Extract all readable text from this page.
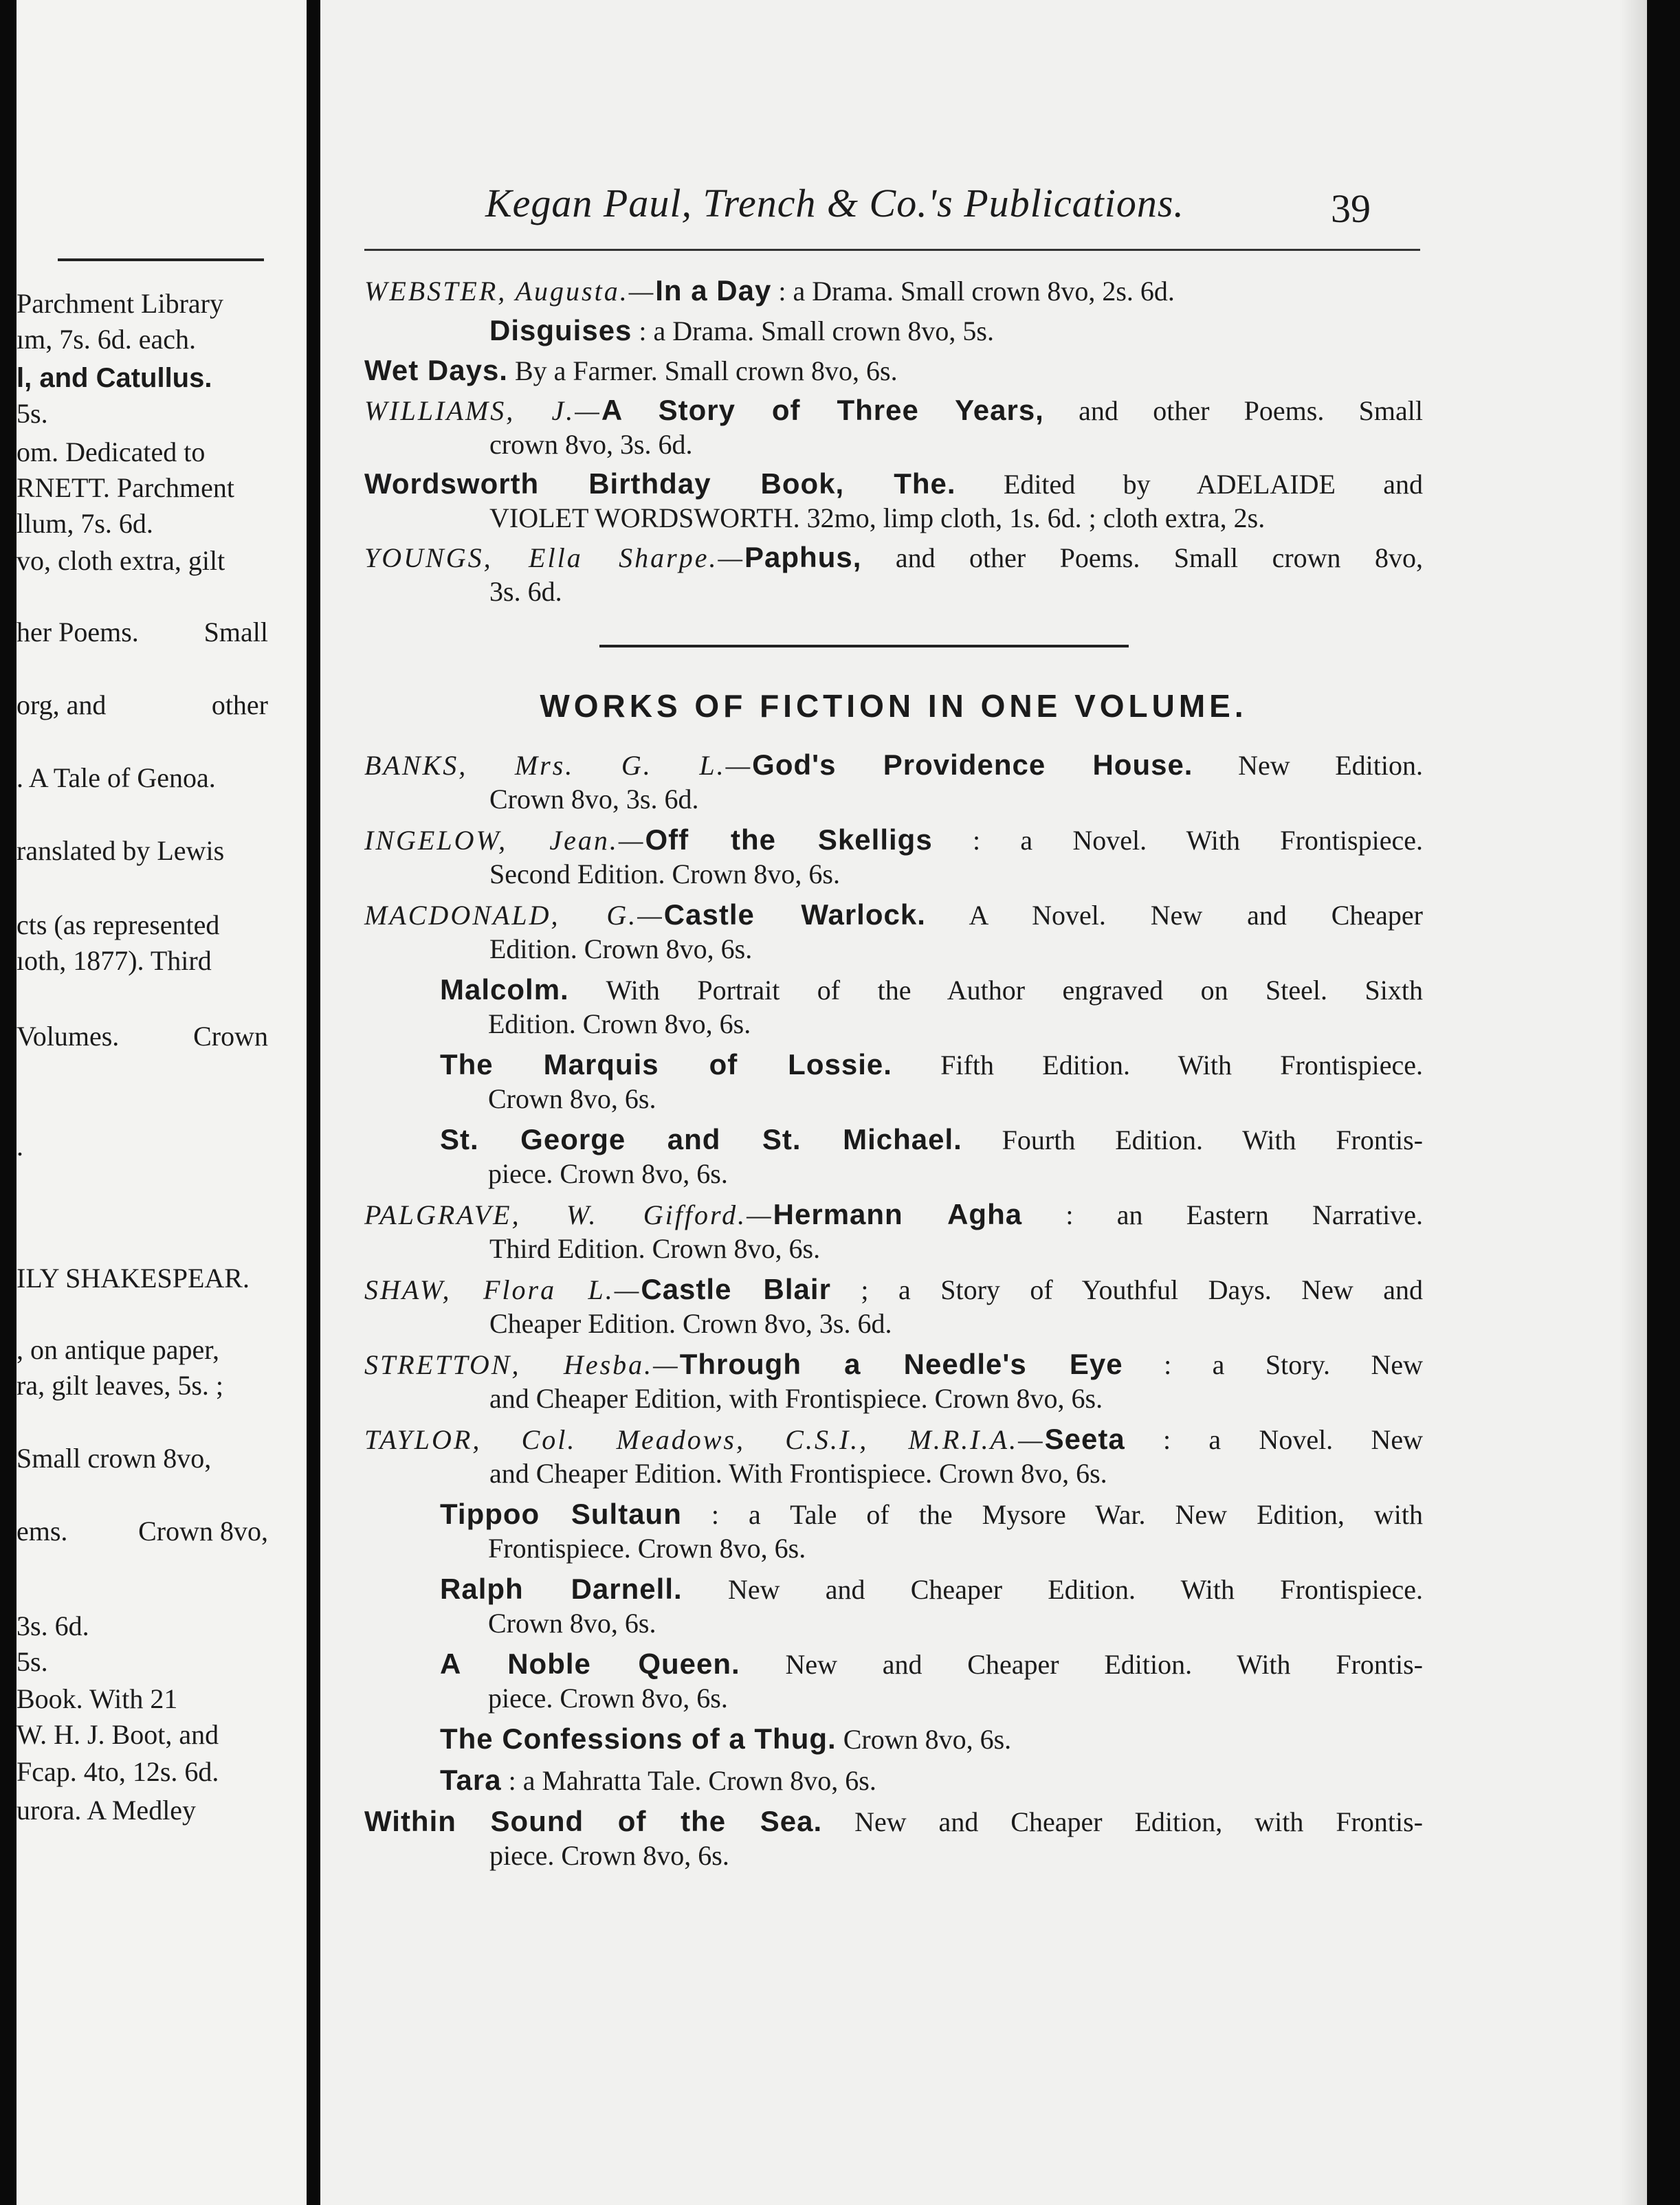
Parchment Library
ım, 7s. 6d. each.
l, and Catullus.
5s.
om. Dedicated to
RNETT. Parchment
llum, 7s. 6d.
vo, cloth extra, gilt
her Poems. Small
org, and	other
. A Tale of Genoa.
ranslated by Lewis
cts (as represented
ıoth, 1877). Third
Volumes.	Crown
.
ILY SHAKESPEAR.
, on antique paper,
ra, gilt leaves, 5s. ;
Small crown 8vo,
ems.	Crown 8vo,
3s. 6d.
5s.
Book. With 21
W. H. J. Boot, and
Fcap. 4to, 12s. 6d.
urora. A Medley
Kegan Paul, Trench & Co.'s Publications.	39
WEBSTER, Augusta.—In a Day : a Drama. Small crown 8vo, 2s. 6d.
Disguises : a Drama. Small crown 8vo, 5s.
Wet Days. By a Farmer. Small crown 8vo, 6s.
WILLIAMS, J.—A Story of Three Years, and other Poems. Small
crown 8vo, 3s. 6d.
Wordsworth Birthday Book, The. Edited by ADELAIDE and
VIOLET WORDSWORTH. 32mo, limp cloth, 1s. 6d. ; cloth extra, 2s.
YOUNGS, Ella Sharpe.—Paphus, and other Poems. Small crown 8vo,
3s. 6d.
WORKS OF FICTION IN ONE VOLUME.
BANKS, Mrs. G. L.—God's Providence House. New Edition.
Crown 8vo, 3s. 6d.
INGELOW, Jean.—Off the Skelligs : a Novel. With Frontispiece.
Second Edition. Crown 8vo, 6s.
MACDONALD, G.—Castle Warlock. A Novel. New and Cheaper
Edition. Crown 8vo, 6s.
Malcolm. With Portrait of the Author engraved on Steel. Sixth
Edition. Crown 8vo, 6s.
The Marquis of Lossie. Fifth Edition. With Frontispiece.
Crown 8vo, 6s.
St. George and St. Michael. Fourth Edition. With Frontis-
piece. Crown 8vo, 6s.
PALGRAVE, W. Gifford.—Hermann Agha : an Eastern Narrative.
Third Edition. Crown 8vo, 6s.
SHAW, Flora L.—Castle Blair ; a Story of Youthful Days. New and
Cheaper Edition. Crown 8vo, 3s. 6d.
STRETTON, Hesba.—Through a Needle's Eye : a Story. New
and Cheaper Edition, with Frontispiece. Crown 8vo, 6s.
TAYLOR, Col. Meadows, C.S.I., M.R.I.A.—Seeta : a Novel. New
and Cheaper Edition. With Frontispiece. Crown 8vo, 6s.
Tippoo Sultaun : a Tale of the Mysore War. New Edition, with
Frontispiece. Crown 8vo, 6s.
Ralph Darnell. New and Cheaper Edition. With Frontispiece.
Crown 8vo, 6s.
A Noble Queen. New and Cheaper Edition. With Frontis-
piece. Crown 8vo, 6s.
The Confessions of a Thug. Crown 8vo, 6s.
Tara : a Mahratta Tale. Crown 8vo, 6s.
Within Sound of the Sea. New and Cheaper Edition, with Frontis-
piece. Crown 8vo, 6s.
